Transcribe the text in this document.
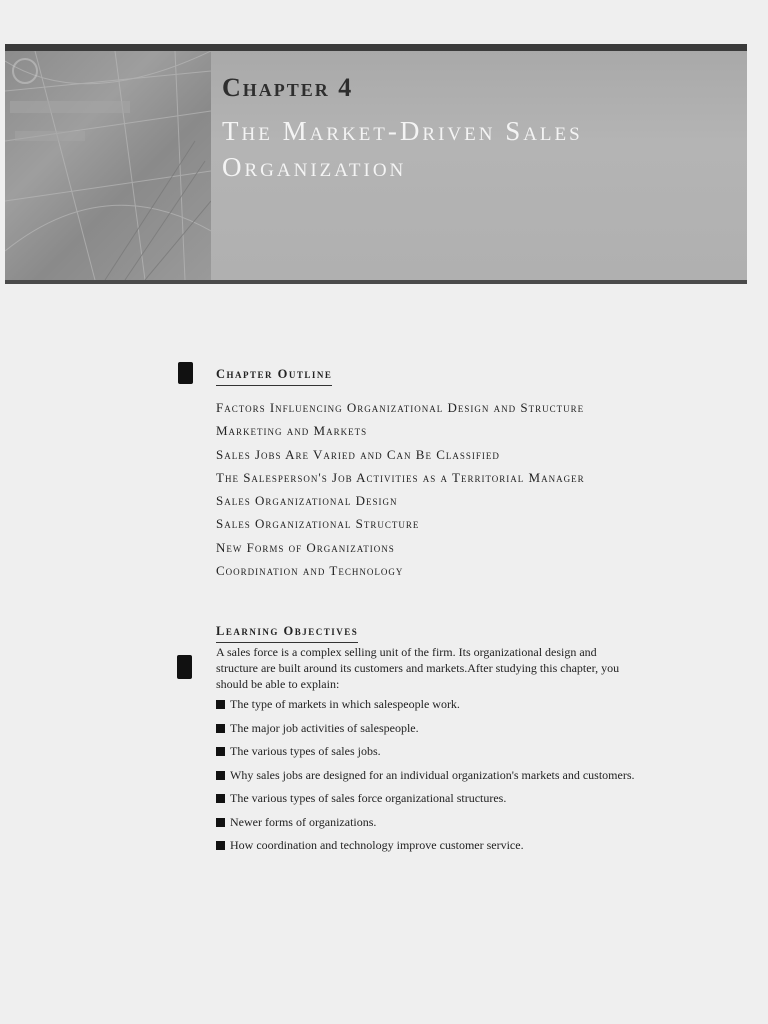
Chapter 4
The Market-Driven Sales
Organization
Chapter Outline
Factors Influencing Organizational Design and Structure
Marketing and Markets
Sales Jobs Are Varied and Can Be Classified
The Salesperson's Job Activities as a Territorial Manager
Sales Organizational Design
Sales Organizational Structure
New Forms of Organizations
Coordination and Technology
Learning Objectives

A sales force is a complex selling unit of the firm. Its organizational design and structure are built around its customers and markets.After studying this chapter, you should be able to explain:

The type of markets in which salespeople work.
The major job activities of salespeople.
The various types of sales jobs.
Why sales jobs are designed for an individual organization's markets and customers.
The various types of sales force organizational structures.
Newer forms of organizations.
How coordination and technology improve customer service.
